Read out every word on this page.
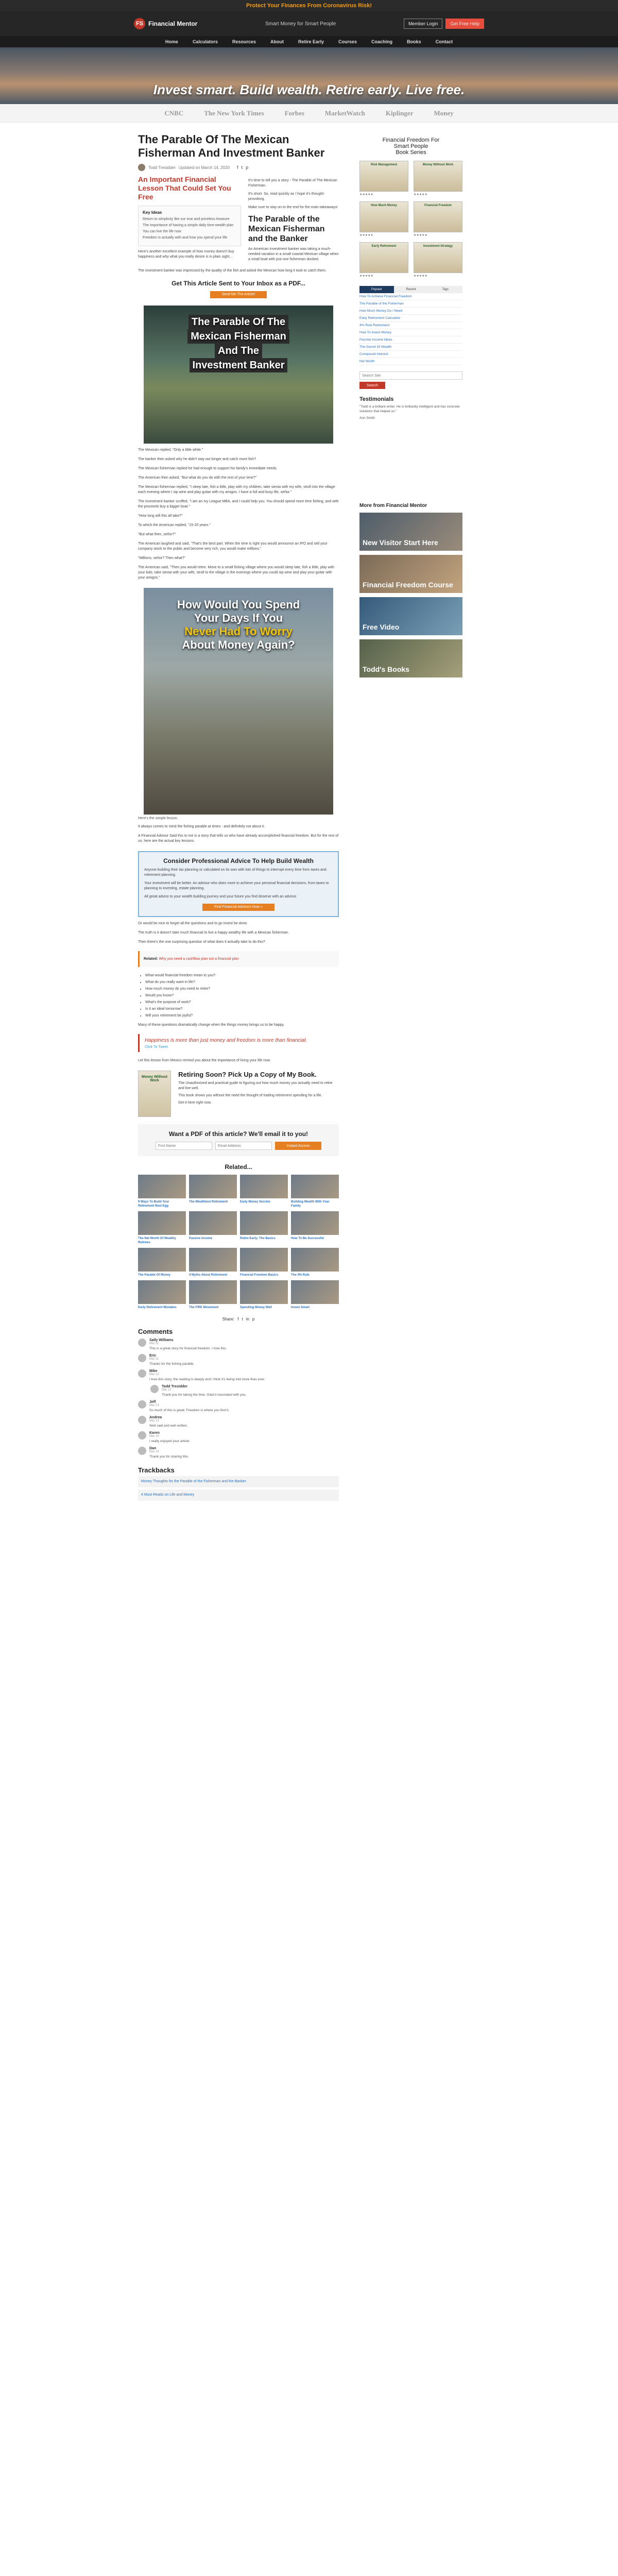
Protect Your Finances From Coronavirus Risk!
FS Financial Mentor	Smart Money for Smart People	Member Login	Get Free Help
Home	Calculators	Resources	About	Retire Early	Courses	Coaching	Books	Contact
Invest smart. Build wealth. Retire early. Live free.
CNBC	The New York Times	Forbes	MarketWatch	Kiplinger	Money
The Parable Of The Mexican Fisherman And Investment Banker
Todd Tresidder Updated on March 14, 2020 f t p
An Important Financial Lesson That Could Set You Free
Key Ideas
Return to simplicity like our true and priceless treasure
The importance of having a simple daily time-wealth plan
You can live the life now
Freedom is actually with and how you spend your life

Here's another excellent example of how money doesn't buy happiness and why what you really desire is in plain sight...

It's time to tell you a story - The Parable of The Mexican Fisherman.

It's short. So, read quickly as I hope it's thought-provoking.

Make sure to stay on to the end for the main takeaways!

The Parable of the Mexican Fisherman and the Banker

An American investment banker was taking a much-needed vacation in a small coastal Mexican village when a small boat with just one fisherman docked.

The investment banker was impressed by the quality of the fish and asked the Mexican how long it took to catch them.

Get This Article Sent to Your Inbox as a PDF...
Send Me The Article!
The Parable Of The
Mexican Fisherman
And The
Investment Banker

The Mexican replied, "Only a little while."

The banker then asked why he didn't stay out longer and catch more fish?

The Mexican fisherman replied he had enough to support his family's immediate needs.

The American then asked, "But what do you do with the rest of your time?"

The Mexican fisherman replied, "I sleep late, fish a little, play with my children, take siesta with my wife, stroll into the village each evening where I sip wine and play guitar with my amigos. I have a full and busy life, señor."

The investment banker scoffed, "I am an Ivy League MBA, and I could help you. You should spend more time fishing, and with the proceeds buy a bigger boat."

"How long will this all take?"

To which the American replied, "15-20 years."

"But what then, señor?"

The American laughed and said, "That's the best part. When the time is right you would announce an IPO and sell your company stock to the public and become very rich, you would make millions."

"Millions, señor? Then what?"

The American said, "Then you would retire. Move to a small fishing village where you would sleep late, fish a little, play with your kids, take siesta with your wife, stroll to the village in the evenings where you could sip wine and play your guitar with your amigos."

How Would You Spend
Your Days If You
Never Had To Worry
About Money Again?
Here's the simple lesson.

It always comes to mind the fishing parable at times - and definitely not about it.

A Financial Advisor Said this to me is a story that tells us who have already accomplished financial freedom. But for the rest of us, here are the actual key lessons.

Consider Professional Advice To Help Build Wealth

Anyone building their tax planning or calculated on its own with lots of things to interrupt every time from taxes and retirement planning.

Your investment will be better. An advisor who does more to achieve your personal financial decisions, from taxes to planning to investing, estate planning.

All great advice to your wealth building journey and your future you find deserve with an advisor.

Find Financial Advisors Now »

Or would be nice to forget all the questions and to go invest be done.

The truth is it doesn't take much financial to live a happy wealthy life with a Mexican fisherman.

Then there's the one surprising question of what does it actually take to do this?

Related: Why you need a cashflow plan not a financial plan

• What would financial freedom mean to you?
• What do you really want in life?
• How much money do you need to retire?
• Would you know?
• What's the purpose of work?
• Is it an ideal tomorrow?
• Will your retirement be joyful?

Many of these questions dramatically change when the things money brings us to be happy.

Happiness is more than just money and freedom is more than financial.
Click To Tweet

Let this lesson from Mexico remind you about the importance of living your life now.

Money Without Work
Retiring Soon? Pick Up a Copy of My Book.

The Unauthorized and practical guide to figuring out how much money you actually need to retire and live well.

This book shows you without the need the thought of trading retirement spending for a life.

Get it here right now.

Want a PDF of this article? We'll email it to you!
First Name
Email Address
Instant Access
Related...
9 Ways To Build Your Retirement Nest Egg
The Wealthiest Retirement	Early Money Secrets	Building Wealth With Your Family
The Net Worth Of Wealthy Retirees
Passive Income	Retire Early: The Basics	How To Be Successful
The Parable Of Money	4 Myths About Retirement	Financial Freedom Basics	The 4% Rule
Early Retirement Mistakes	The FIRE Movement	Spending Money Well	Invest Smart
Share: f t in p
Comments
Sally Williams
Mar 11
This is a great story for financial freedom. I love this.
Eric
Mar 11
Thanks for the fishing parable.
Mike
Mar 12
I love this story, the reading is deeply and I think it's being told more than ever.
Todd Tresidder
Mar 12
Thank you for taking the time. Glad it resonated with you.
Jeff
Mar 13
So much of this is great. Freedom is where you find it.
Andrea
Mar 13
Well said and well written.
Karen
Mar 14
I really enjoyed your article.
Dan
Mar 14
Thank you for sharing this.
Trackbacks
Money Thoughts for the Parable of the Fisherman and the Banker
4 Must-Reads on Life and Money
Financial Freedom For
Smart People
Book Series
Risk Management
★★★★★
Money Without Work
★★★★★
How Much Money
★★★★★
Financial Freedom
★★★★★
Early Retirement
★★★★★
Investment Strategy
★★★★★
Popular	Recent	Tags
How To Achieve Financial Freedom
The Parable of the Fisherman
How Much Money Do I Need
Early Retirement Calculator
4% Rule Retirement
How To Invest Money
Passive Income Ideas
The Secret Of Wealth
Compound Interest
Net Worth
Search Site
Search
Testimonials

"Todd is a brilliant writer. He is brilliantly intelligent and has concrete solutions that helped us."

Ann Smith

More from Financial Mentor
New Visitor Start Here
Financial Freedom Course
Free Video
Todd's Books
